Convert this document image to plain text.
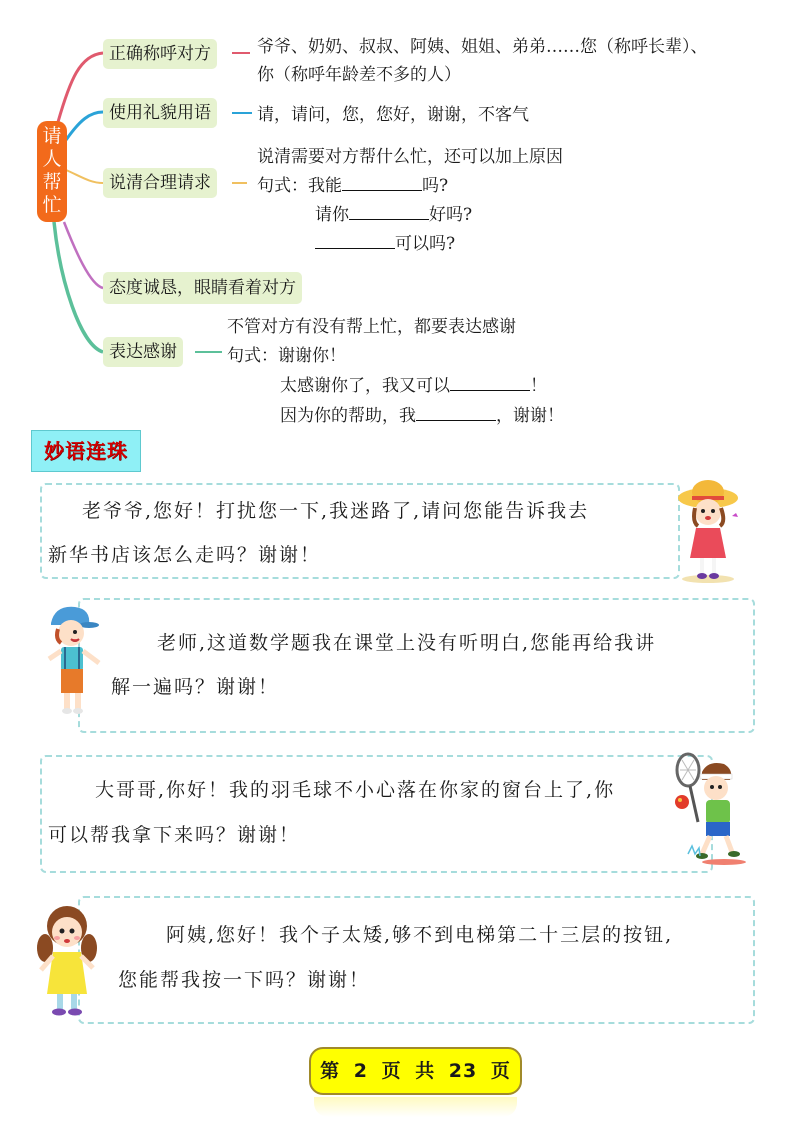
请
人
帮
忙
正确称呼对方	爷爷、奶奶、叔叔、阿姨、姐姐、弟弟……您（称呼长辈）、
你（称呼年龄差不多的人）
使用礼貌用语	请，请问，您，您好，谢谢，不客气
说清合理请求
说清需要对方帮什么忙，还可以加上原因
句式：我能	吗?
请你	好吗?
可以吗?
态度诚恳，眼睛看着对方
表达感谢
不管对方有没有帮上忙，都要表达感谢
句式：谢谢你！
太感谢你了，我又可以	！
因为你的帮助，我	，谢谢！
妙语连珠
老爷爷,您好！打扰您一下,我迷路了,请问您能告诉我去
新华书店该怎么走吗？谢谢！
老师,这道数学题我在课堂上没有听明白,您能再给我讲
解一遍吗？谢谢！
大哥哥,你好！我的羽毛球不小心落在你家的窗台上了,你
可以帮我拿下来吗？谢谢！
阿姨,您好！我个子太矮,够不到电梯第二十三层的按钮,
您能帮我按一下吗？谢谢！
第 2 页 共 23 页
